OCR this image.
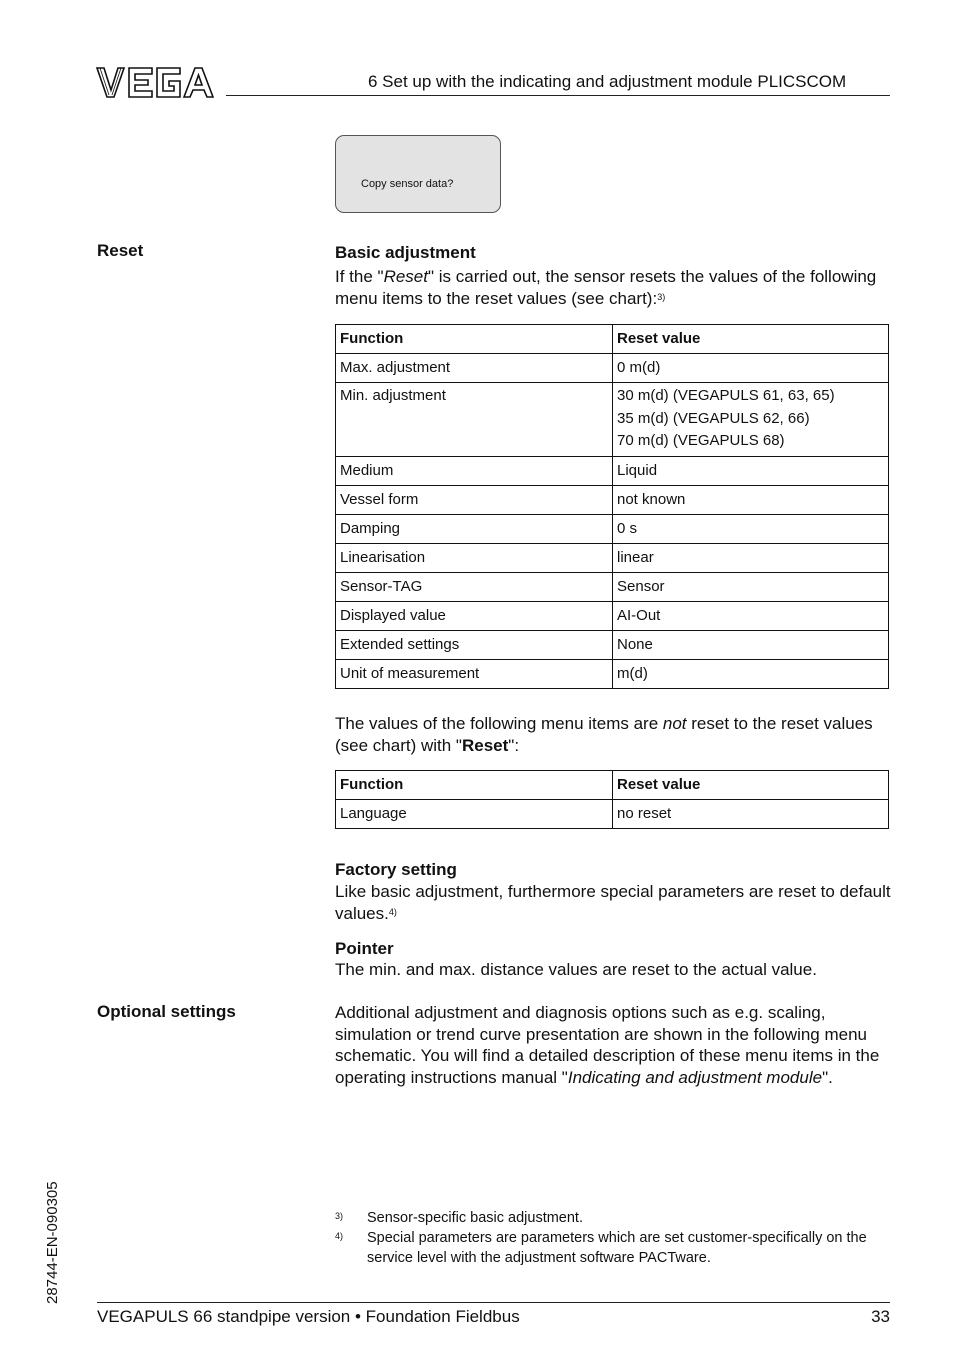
6 Set up with the indicating and adjustment module PLICSCOM
Copy sensor data?
Reset	Basic adjustment
If the "Reset" is carried out, the sensor resets the values of the following menu items to the reset values (see chart):$^{3)}$
Function	Reset value
Max. adjustment	0 m(d)

Min. adjustment	30 m(d) (VEGAPULS 61, 63, 65)
35 m(d) (VEGAPULS 62, 66)
70 m(d) (VEGAPULS 68)

Medium	Liquid
Vessel form	not known
Damping	0 s
Linearisation	linear
Sensor-TAG	Sensor
Displayed value	AI-Out
Extended settings	None
Unit of measurement	m(d)
The values of the following menu items are not reset to the reset values (see chart) with "Reset":
Function	Reset value
Language	no reset
Factory setting
Like basic adjustment, furthermore special parameters are reset to default values.$^{4)}$
Pointer
The min. and max. distance values are reset to the actual value.
Optional settings	Additional adjustment and diagnosis options such as e.g. scaling, simulation or trend curve presentation are shown in the following menu schematic. You will find a detailed description of these menu items in the operating instructions manual "Indicating and adjustment module".
3) Sensor-specific basic adjustment.
4) Special parameters are parameters which are set customer-specifically on the service level with the adjustment software PACTware.
28744-EN-090305
VEGAPULS 66 standpipe version • Foundation Fieldbus	33
